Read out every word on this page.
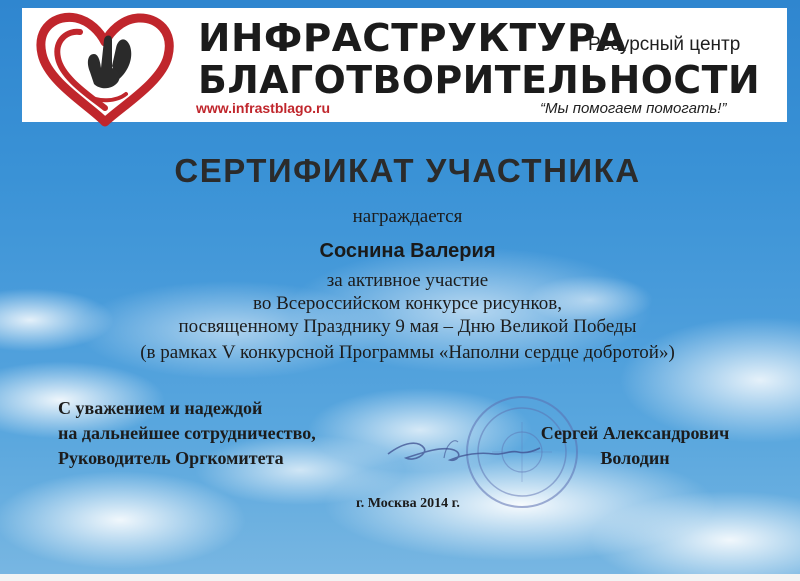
ИНФРАСТРУКТУРА
Ресурсный центр
БЛАГОТВОРИТЕЛЬНОСТИ
www.infrastblago.ru	“Мы помогаем помогать!”
СЕРТИФИКАТ УЧАСТНИКА
награждается
Соснина Валерия
за активное участие
во Всероссийском конкурсе рисунков,
посвященному Празднику 9 мая – Дню Великой Победы
(в рамках V конкурсной Программы «Наполни сердце добротой»)
С уважением и надеждой
на дальнейшее сотрудничество,
Руководитель Оргкомитета
Сергей Александрович
Володин
г. Москва 2014 г.
